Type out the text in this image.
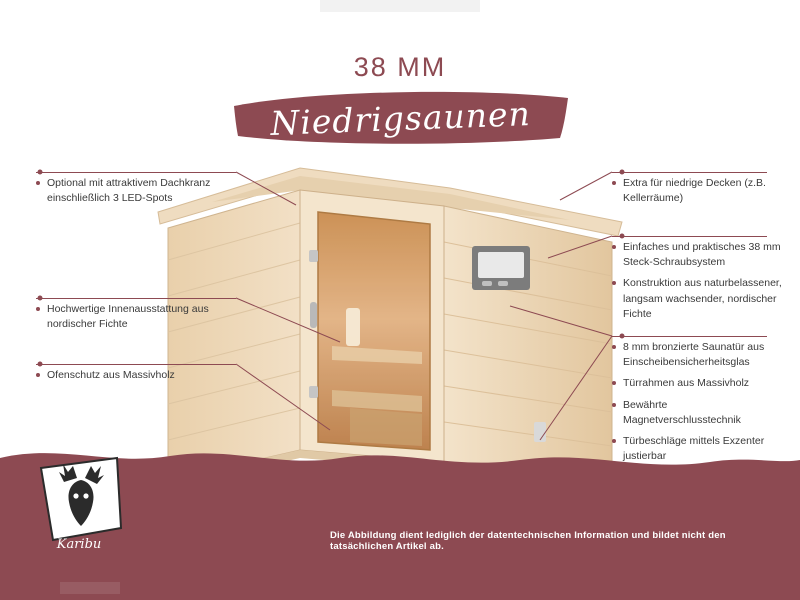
38 MM
Niedrigsaunen
Optional mit attraktivem Dachkranz einschließlich 3 LED-Spots
Hochwertige Innenausstattung aus nordischer Fichte
Ofenschutz aus Massivholz
Extra für niedrige Decken (z.B. Kellerräume)
Einfaches und praktisches 38 mm Steck-Schraubsystem
Konstruktion aus naturbelassener, langsam wachsender, nordischer Fichte
8 mm bronzierte Saunatür aus Einscheibensicherheitsglas
Türrahmen aus Massivholz
Bewährte Magnetverschlusstechnik
Türbeschläge mittels Exzenter justierbar
Die Abbildung dient lediglich der datentechnischen Information und bildet nicht den tatsächlichen Artikel ab.
Karibu
